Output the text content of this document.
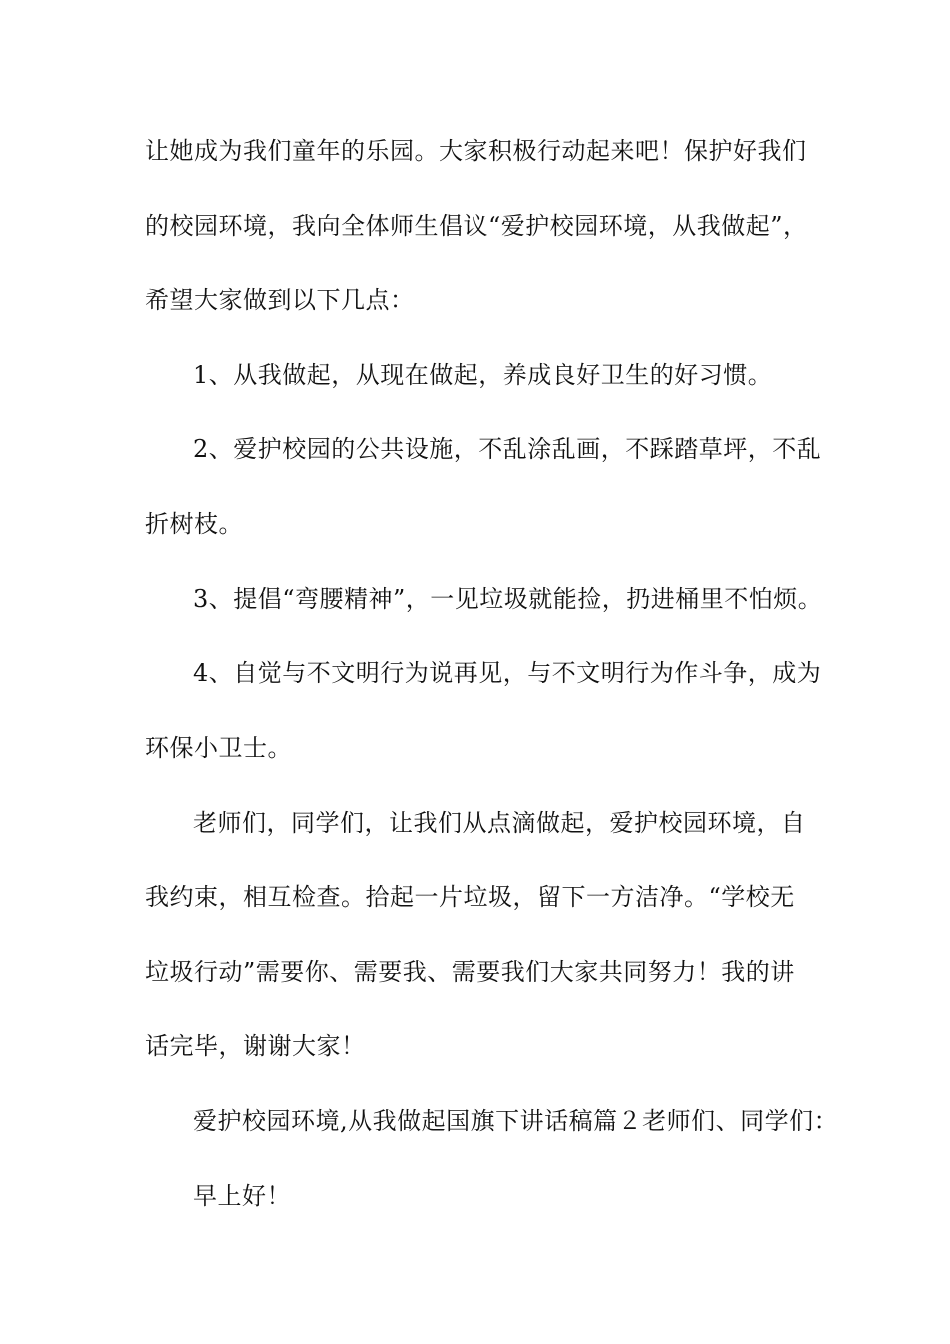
让她成为我们童年的乐园。大家积极行动起来吧！保护好我们
的校园环境，我向全体师生倡议“爱护校园环境，从我做起”，
希望大家做到以下几点：
1、从我做起，从现在做起，养成良好卫生的好习惯。
2、爱护校园的公共设施，不乱涂乱画，不踩踏草坪，不乱
折树枝。
3、提倡“弯腰精神”，一见垃圾就能捡，扔进桶里不怕烦。
4、自觉与不文明行为说再见，与不文明行为作斗争，成为
环保小卫士。
老师们，同学们，让我们从点滴做起，爱护校园环境，自
我约束，相互检查。拾起一片垃圾，留下一方洁净。“学校无
垃圾行动”需要你、需要我、需要我们大家共同努力！我的讲
话完毕，谢谢大家！
爱护校园环境,从我做起国旗下讲话稿篇２老师们、同学们：
早上好！
